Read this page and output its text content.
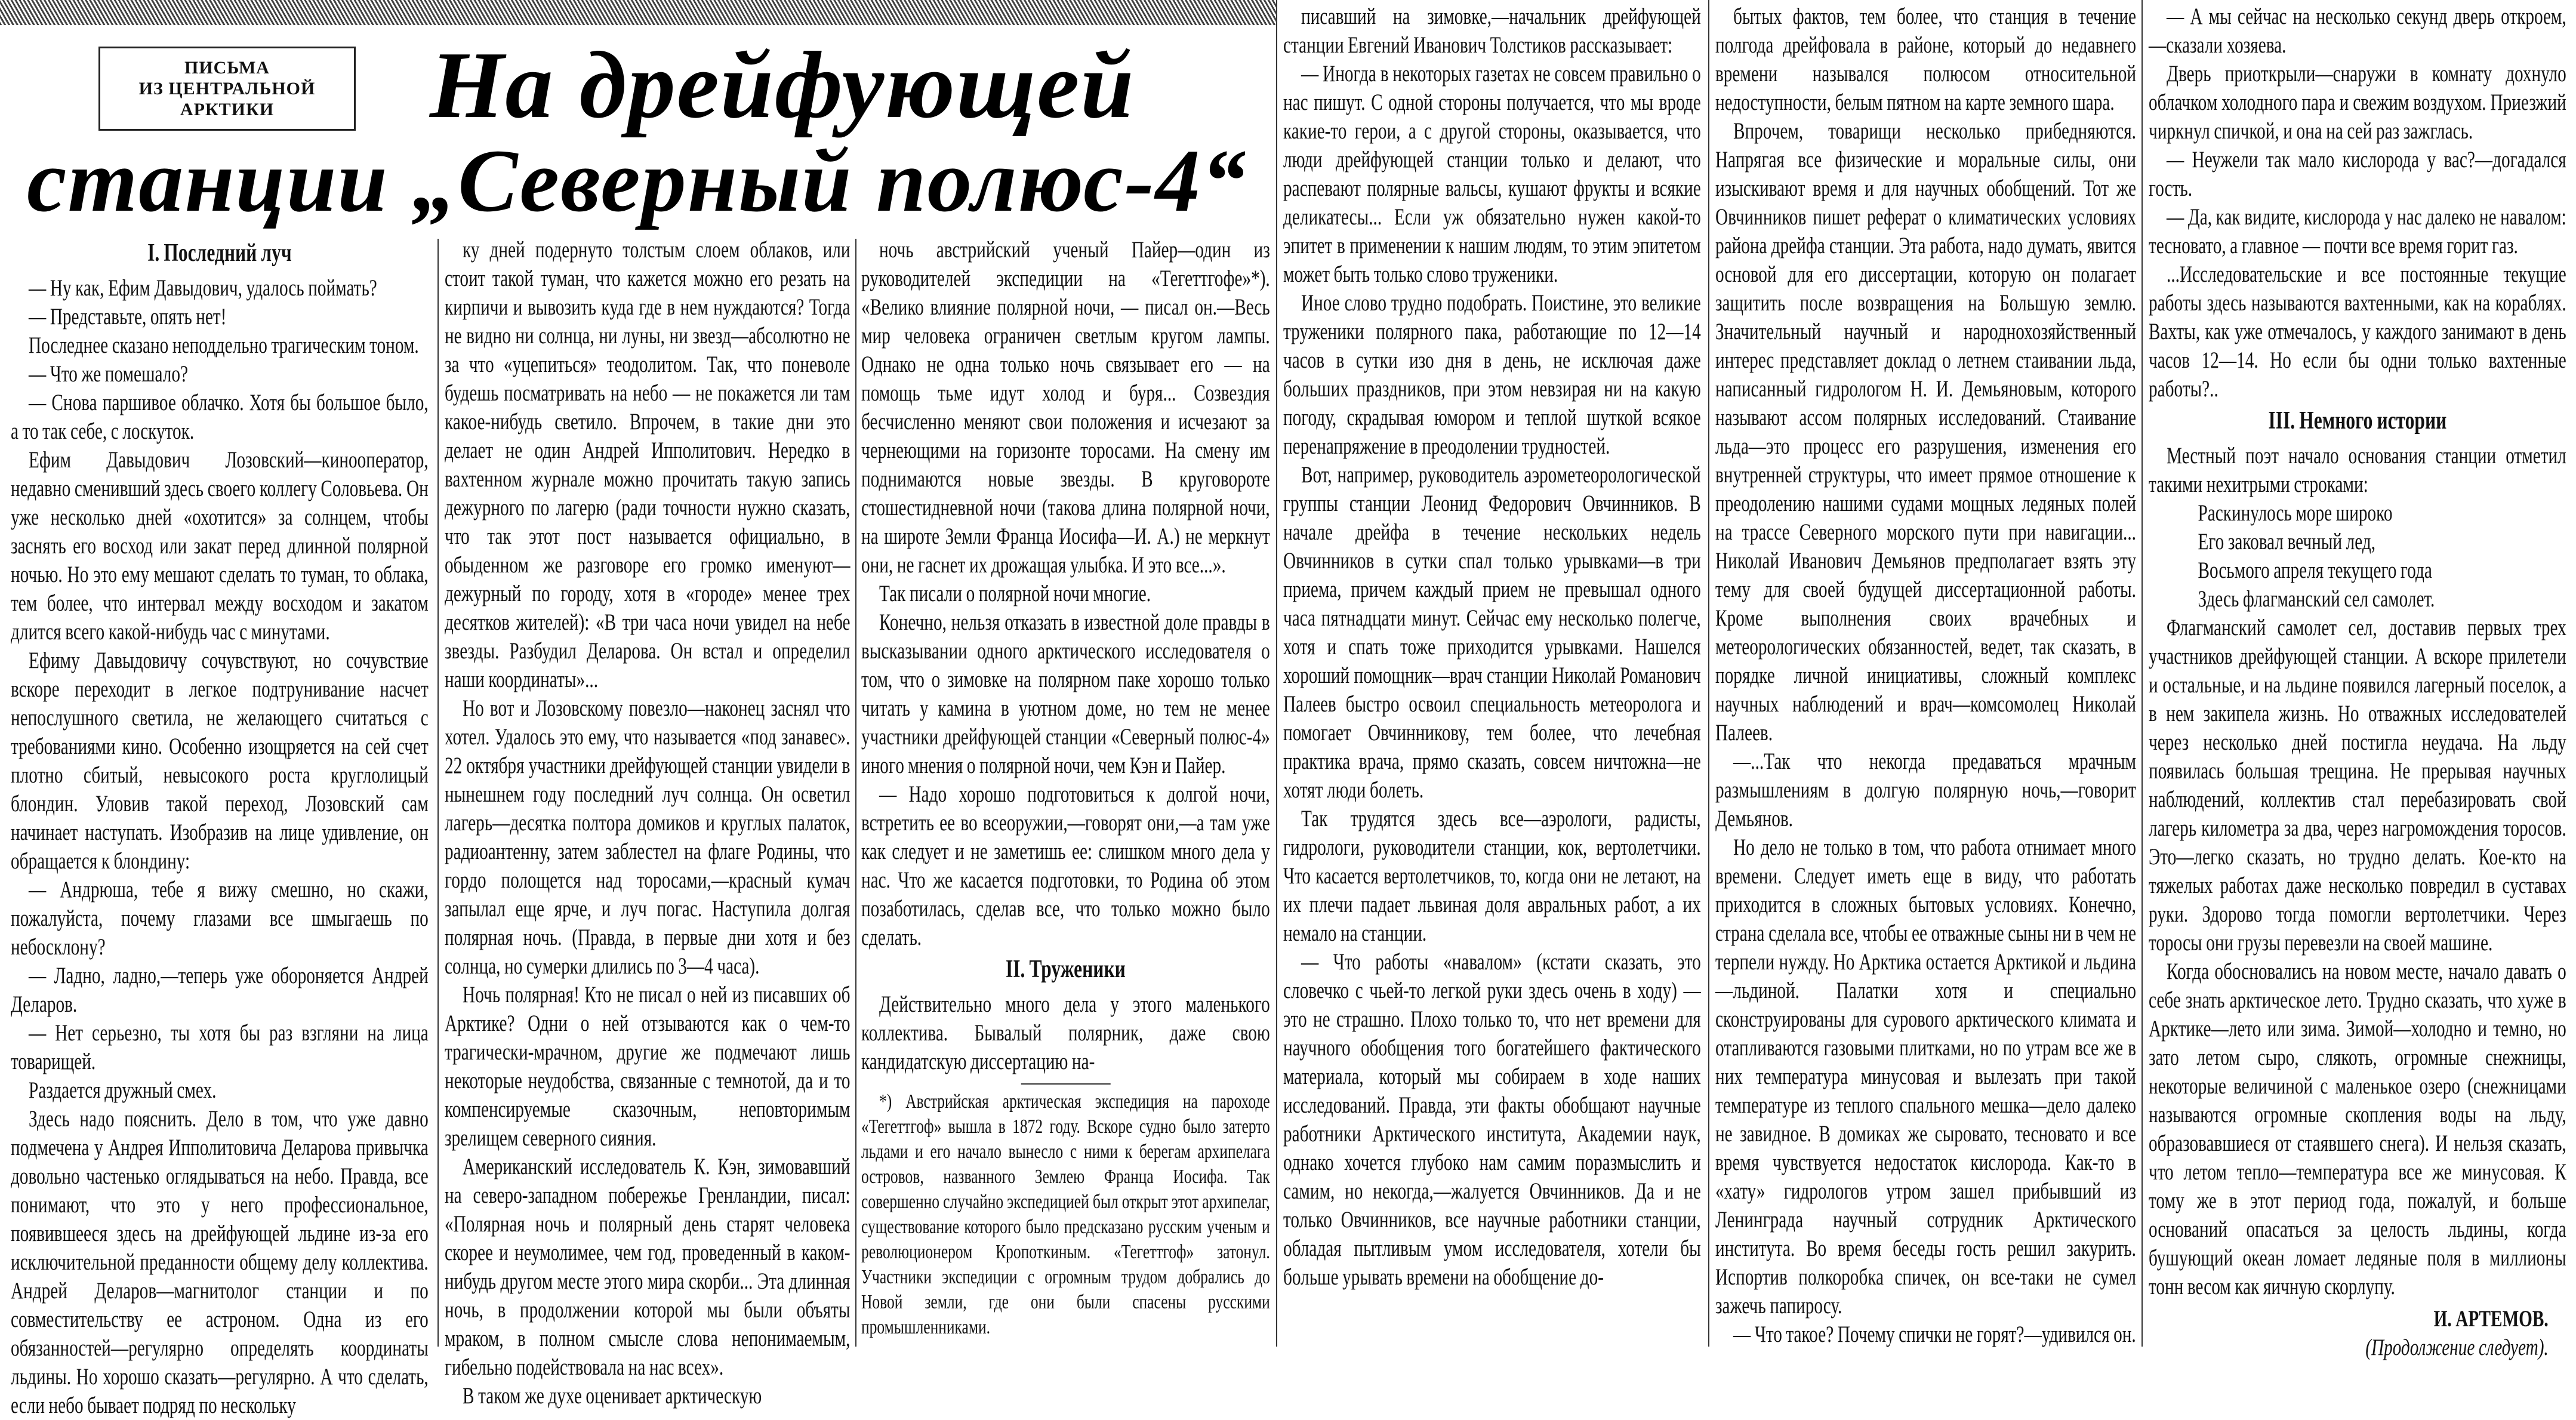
ПИСЬМА
ИЗ ЦЕНТРАЛЬНОЙ
АРКТИКИ	На дрейфующей
станции „Северный полюс-4“
I. Последний луч

— Ну как, Ефим Давыдович, удалось поймать?

— Представьте, опять нет!

Последнее сказано неподдельно трагическим тоном.

— Что же помешало?

— Снова паршивое облачко. Хотя бы большое было, а то так себе, с лоскуток.

Ефим Давыдович Лозовский—кинооператор, недавно сменивший здесь своего коллегу Соловьева. Он уже несколько дней «охотится» за солнцем, чтобы заснять его восход или закат перед длинной полярной ночью. Но это ему мешают сделать то туман, то облака, тем более, что интервал между восходом и закатом длится всего какой-нибудь час с минутами.

Ефиму Давыдовичу сочувствуют, но сочувствие вскоре переходит в легкое подтрунивание насчет непослушного светила, не желающего считаться с требованиями кино. Особенно изощряется на сей счет плотно сбитый, невысокого роста круглолицый блондин. Уловив такой переход, Лозовский сам начинает наступать. Изобразив на лице удивление, он обращается к блондину:

— Андрюша, тебе я вижу смешно, но скажи, пожалуйста, почему глазами все шмыгаешь по небосклону?

— Ладно, ладно,—теперь уже обороняется Андрей Деларов.

— Нет серьезно, ты хотя бы раз взгляни на лица товарищей.

Раздается дружный смех.

Здесь надо пояснить. Дело в том, что уже давно подмечена у Андрея Ипполитовича Деларова привычка довольно частенько оглядываться на небо. Правда, все понимают, что это у него профессиональное, появившееся здесь на дрейфующей льдине из-за его исключительной преданности общему делу коллектива. Андрей Деларов—магнитолог станции и по совместительству ее астроном. Одна из его обязанностей—регулярно определять координаты льдины. Но хорошо сказать—регулярно. А что сделать, если небо бывает подряд по нескольку

ку дней подернуто толстым слоем облаков, или стоит такой туман, что кажется можно его резать на кирпичи и вывозить куда где в нем нуждаются? Тогда не видно ни солнца, ни луны, ни звезд—абсолютно не за что «уцепиться» теодолитом. Так, что поневоле будешь посматривать на небо — не покажется ли там какое-нибудь светило. Впрочем, в такие дни это делает не один Андрей Ипполитович. Нередко в вахтенном журнале можно прочитать такую запись дежурного по лагерю (ради точности нужно сказать, что так этот пост называется официально, в обыденном же разговоре его громко именуют—дежурный по городу, хотя в «городе» менее трех десятков жителей): «В три часа ночи увидел на небе звезды. Разбудил Деларова. Он встал и определил наши координаты»...

Но вот и Лозовскому повезло—наконец заснял что хотел. Удалось это ему, что называется «под занавес». 22 октября участники дрейфующей станции увидели в нынешнем году последний луч солнца. Он осветил лагерь—десятка полтора домиков и круглых палаток, радиоантенну, затем заблестел на флаге Родины, что гордо полощется над торосами,—красный кумач запылал еще ярче, и луч погас. Наступила долгая полярная ночь. (Правда, в первые дни хотя и без солнца, но сумерки длились по 3—4 часа).

Ночь полярная! Кто не писал о ней из писавших об Арктике? Одни о ней отзываются как о чем-то трагически-мрачном, другие же подмечают лишь некоторые неудобства, связанные с темнотой, да и то компенсируемые сказочным, неповторимым зрелищем северного сияния.

Американский исследователь К. Кэн, зимовавший на северо-западном побережье Гренландии, писал: «Полярная ночь и полярный день старят человека скорее и неумолимее, чем год, проведенный в каком-нибудь другом месте этого мира скорби... Эта длинная ночь, в продолжении которой мы были объяты мраком, в полном смысле слова непонимаемым, гибельно подействовала на нас всех».

В таком же духе оценивает арктическую

ночь австрийский ученый Пайер—один из руководителей экспедиции на «Тегеттгофе»*). «Велико влияние полярной ночи, — писал он.—Весь мир человека ограничен светлым кругом лампы. Однако не одна только ночь связывает его — на помощь тьме идут холод и буря... Созвездия бесчисленно меняют свои положения и исчезают за чернеющими на горизонте торосами. На смену им поднимаются новые звезды. В круговороте стошестидневной ночи (такова длина полярной ночи, на широте Земли Франца Иосифа—И. А.) не меркнут они, не гаснет их дрожащая улыбка. И это все...».

Так писали о полярной ночи многие.

Конечно, нельзя отказать в известной доле правды в высказывании одного арктического исследователя о том, что о зимовке на полярном паке хорошо только читать у камина в уютном доме, но тем не менее участники дрейфующей станции «Северный полюс-4» иного мнения о полярной ночи, чем Кэн и Пайер.

— Надо хорошо подготовиться к долгой ночи, встретить ее во всеоружии,—говорят они,—а там уже как следует и не заметишь ее: слишком много дела у нас. Что же касается подготовки, то Родина об этом позаботилась, сделав все, что только можно было сделать.

II. Труженики

Действительно много дела у этого маленького коллектива. Бывалый полярник, даже свою кандидатскую диссертацию на-

*) Австрийская арктическая экспедиция на пароходе «Тегеттгоф» вышла в 1872 году. Вскоре судно было затерто льдами и его начало вынесло с ними к берегам архипелага островов, названного Землею Франца Иосифа. Так совершенно случайно экспедицией был открыт этот архипелаг, существование которого было предсказано русским ученым и революционером Кропоткиным. «Тегеттгоф» затонул. Участники экспедиции с огромным трудом добрались до Новой земли, где они были спасены русскими промышленниками.

писавший на зимовке,—начальник дрейфующей станции Евгений Иванович Толстиков рассказывает:

— Иногда в некоторых газетах не совсем правильно о нас пишут. С одной стороны получается, что мы вроде какие-то герои, а с другой стороны, оказывается, что люди дрейфующей станции только и делают, что распевают полярные вальсы, кушают фрукты и всякие деликатесы... Если уж обязательно нужен какой-то эпитет в применении к нашим людям, то этим эпитетом может быть только слово труженики.

Иное слово трудно подобрать. Поистине, это великие труженики полярного пака, работающие по 12—14 часов в сутки изо дня в день, не исключая даже больших праздников, при этом невзирая ни на какую погоду, скрадывая юмором и теплой шуткой всякое перенапряжение в преодолении трудностей.

Вот, например, руководитель аэрометеорологической группы станции Леонид Федорович Овчинников. В начале дрейфа в течение нескольких недель Овчинников в сутки спал только урывками—в три приема, причем каждый прием не превышал одного часа пятнадцати минут. Сейчас ему несколько полегче, хотя и спать тоже приходится урывками. Нашелся хороший помощник—врач станции Николай Романович Палеев быстро освоил специальность метеоролога и помогает Овчинникову, тем более, что лечебная практика врача, прямо сказать, совсем ничтожна—не хотят люди болеть.

Так трудятся здесь все—аэрологи, радисты, гидрологи, руководители станции, кок, вертолетчики. Что касается вертолетчиков, то, когда они не летают, на их плечи падает львиная доля авральных работ, а их немало на станции.

— Что работы «навалом» (кстати сказать, это словечко с чьей-то легкой руки здесь очень в ходу) — это не страшно. Плохо только то, что нет времени для научного обобщения того богатейшего фактического материала, который мы собираем в ходе наших исследований. Правда, эти факты обобщают научные работники Арктического института, Академии наук, однако хочется глубоко нам самим поразмыслить и самим, но некогда,—жалуется Овчинников. Да и не только Овчинников, все научные работники станции, обладая пытливым умом исследователя, хотели бы больше урывать времени на обобщение до-

бытых фактов, тем более, что станция в течение полгода дрейфовала в районе, который до недавнего времени назывался полюсом относительной недоступности, белым пятном на карте земного шара.

Впрочем, товарищи несколько прибедняются. Напрягая все физические и моральные силы, они изыскивают время и для научных обобщений. Тот же Овчинников пишет реферат о климатических условиях района дрейфа станции. Эта работа, надо думать, явится основой для его диссертации, которую он полагает защитить после возвращения на Большую землю. Значительный научный и народнохозяйственный интерес представляет доклад о летнем стаивании льда, написанный гидрологом Н. И. Демьяновым, которого называют ассом полярных исследований. Стаивание льда—это процесс его разрушения, изменения его внутренней структуры, что имеет прямое отношение к преодолению нашими судами мощных ледяных полей на трассе Северного морского пути при навигации... Николай Иванович Демьянов предполагает взять эту тему для своей будущей диссертационной работы. Кроме выполнения своих врачебных и метеорологических обязанностей, ведет, так сказать, в порядке личной инициативы, сложный комплекс научных наблюдений и врач—комсомолец Николай Палеев.

—...Так что некогда предаваться мрачным размышлениям в долгую полярную ночь,—говорит Демьянов.

Но дело не только в том, что работа отнимает много времени. Следует иметь еще в виду, что работать приходится в сложных бытовых условиях. Конечно, страна сделала все, чтобы ее отважные сыны ни в чем не терпели нужду. Но Арктика остается Арктикой и льдина—льдиной. Палатки хотя и специально сконструированы для сурового арктического климата и отапливаются газовыми плитками, но по утрам все же в них температура минусовая и вылезать при такой температуре из теплого спального мешка—дело далеко не завидное. В домиках же сыровато, тесновато и все время чувствуется недостаток кислорода. Как-то в «хату» гидрологов утром зашел прибывший из Ленинграда научный сотрудник Арктического института. Во время беседы гость решил закурить. Испортив полкоробка спичек, он все-таки не сумел зажечь папиросу.

— Что такое? Почему спички не горят?—удивился он.

— А мы сейчас на несколько секунд дверь откроем,—сказали хозяева.

Дверь приоткрыли—снаружи в комнату дохнуло облачком холодного пара и свежим воздухом. Приезжий чиркнул спичкой, и она на сей раз зажглась.

— Неужели так мало кислорода у вас?—догадался гость.

— Да, как видите, кислорода у нас далеко не навалом: тесновато, а главное — почти все время горит газ.

...Исследовательские и все постоянные текущие работы здесь называются вахтенными, как на кораблях. Вахты, как уже отмечалось, у каждого занимают в день часов 12—14. Но если бы одни только вахтенные работы?..

III. Немного истории

Местный поэт начало основания станции отметил такими нехитрыми строками:

Раскинулось море широко

Его заковал вечный лед,

Восьмого апреля текущего года

Здесь флагманский сел самолет.

Флагманский самолет сел, доставив первых трех участников дрейфующей станции. А вскоре прилетели и остальные, и на льдине появился лагерный поселок, а в нем закипела жизнь. Но отважных исследователей через несколько дней постигла неудача. На льду появилась большая трещина. Не прерывая научных наблюдений, коллектив стал перебазировать свой лагерь километра за два, через нагромождения торосов. Это—легко сказать, но трудно делать. Кое-кто на тяжелых работах даже несколько повредил в суставах руки. Здорово тогда помогли вертолетчики. Через торосы они грузы перевезли на своей машине.

Когда обосновались на новом месте, начало давать о себе знать арктическое лето. Трудно сказать, что хуже в Арктике—лето или зима. Зимой—холодно и темно, но зато летом сыро, слякоть, огромные снежницы, некоторые величиной с маленькое озеро (снежницами называются огромные скопления воды на льду, образовавшиеся от стаявшего снега). И нельзя сказать, что летом тепло—температура все же минусовая. К тому же в этот период года, пожалуй, и больше оснований опасаться за целость льдины, когда бушующий океан ломает ледяные поля в миллионы тонн весом как яичную скорлупу.

И. АРТЕМОВ.

(Продолжение следует).
